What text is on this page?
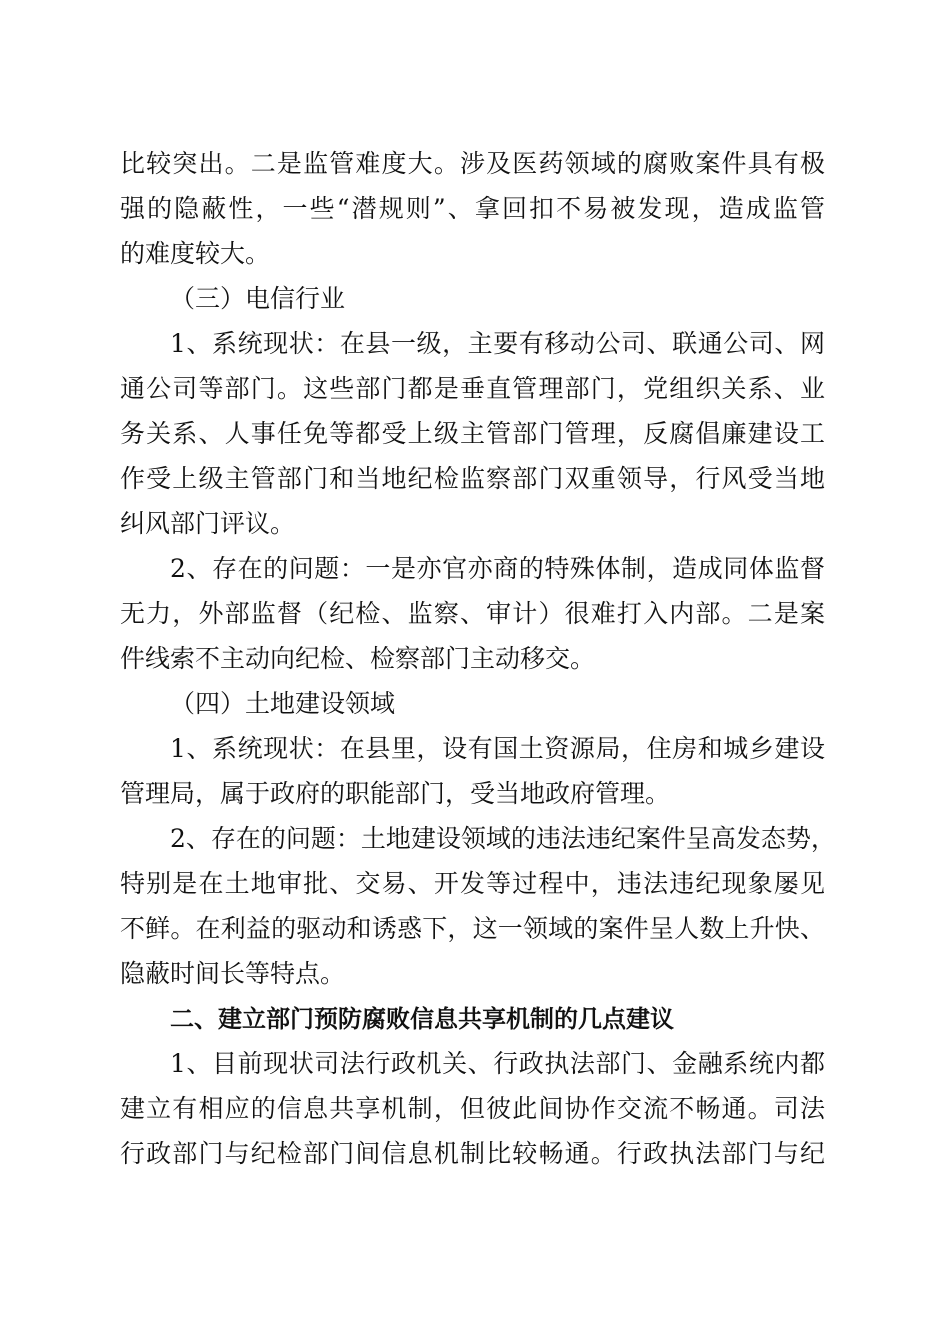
比较突出。二是监管难度大。涉及医药领域的腐败案件具有极

强的隐蔽性，一些“潜规则”、拿回扣不易被发现，造成监管

的难度较大。

（三）电信行业

1、系统现状：在县一级，主要有移动公司、联通公司、网

通公司等部门。这些部门都是垂直管理部门，党组织关系、业

务关系、人事任免等都受上级主管部门管理，反腐倡廉建设工

作受上级主管部门和当地纪检监察部门双重领导，行风受当地

纠风部门评议。

2、存在的问题：一是亦官亦商的特殊体制，造成同体监督

无力，外部监督（纪检、监察、审计）很难打入内部。二是案

件线索不主动向纪检、检察部门主动移交。

（四）土地建设领域

1、系统现状：在县里，设有国土资源局，住房和城乡建设

管理局，属于政府的职能部门，受当地政府管理。

2、存在的问题：土地建设领域的违法违纪案件呈高发态势，

特别是在土地审批、交易、开发等过程中，违法违纪现象屡见

不鲜。在利益的驱动和诱惑下，这一领域的案件呈人数上升快、

隐蔽时间长等特点。

二、建立部门预防腐败信息共享机制的几点建议

1、目前现状司法行政机关、行政执法部门、金融系统内都

建立有相应的信息共享机制，但彼此间协作交流不畅通。司法

行政部门与纪检部门间信息机制比较畅通。行政执法部门与纪
